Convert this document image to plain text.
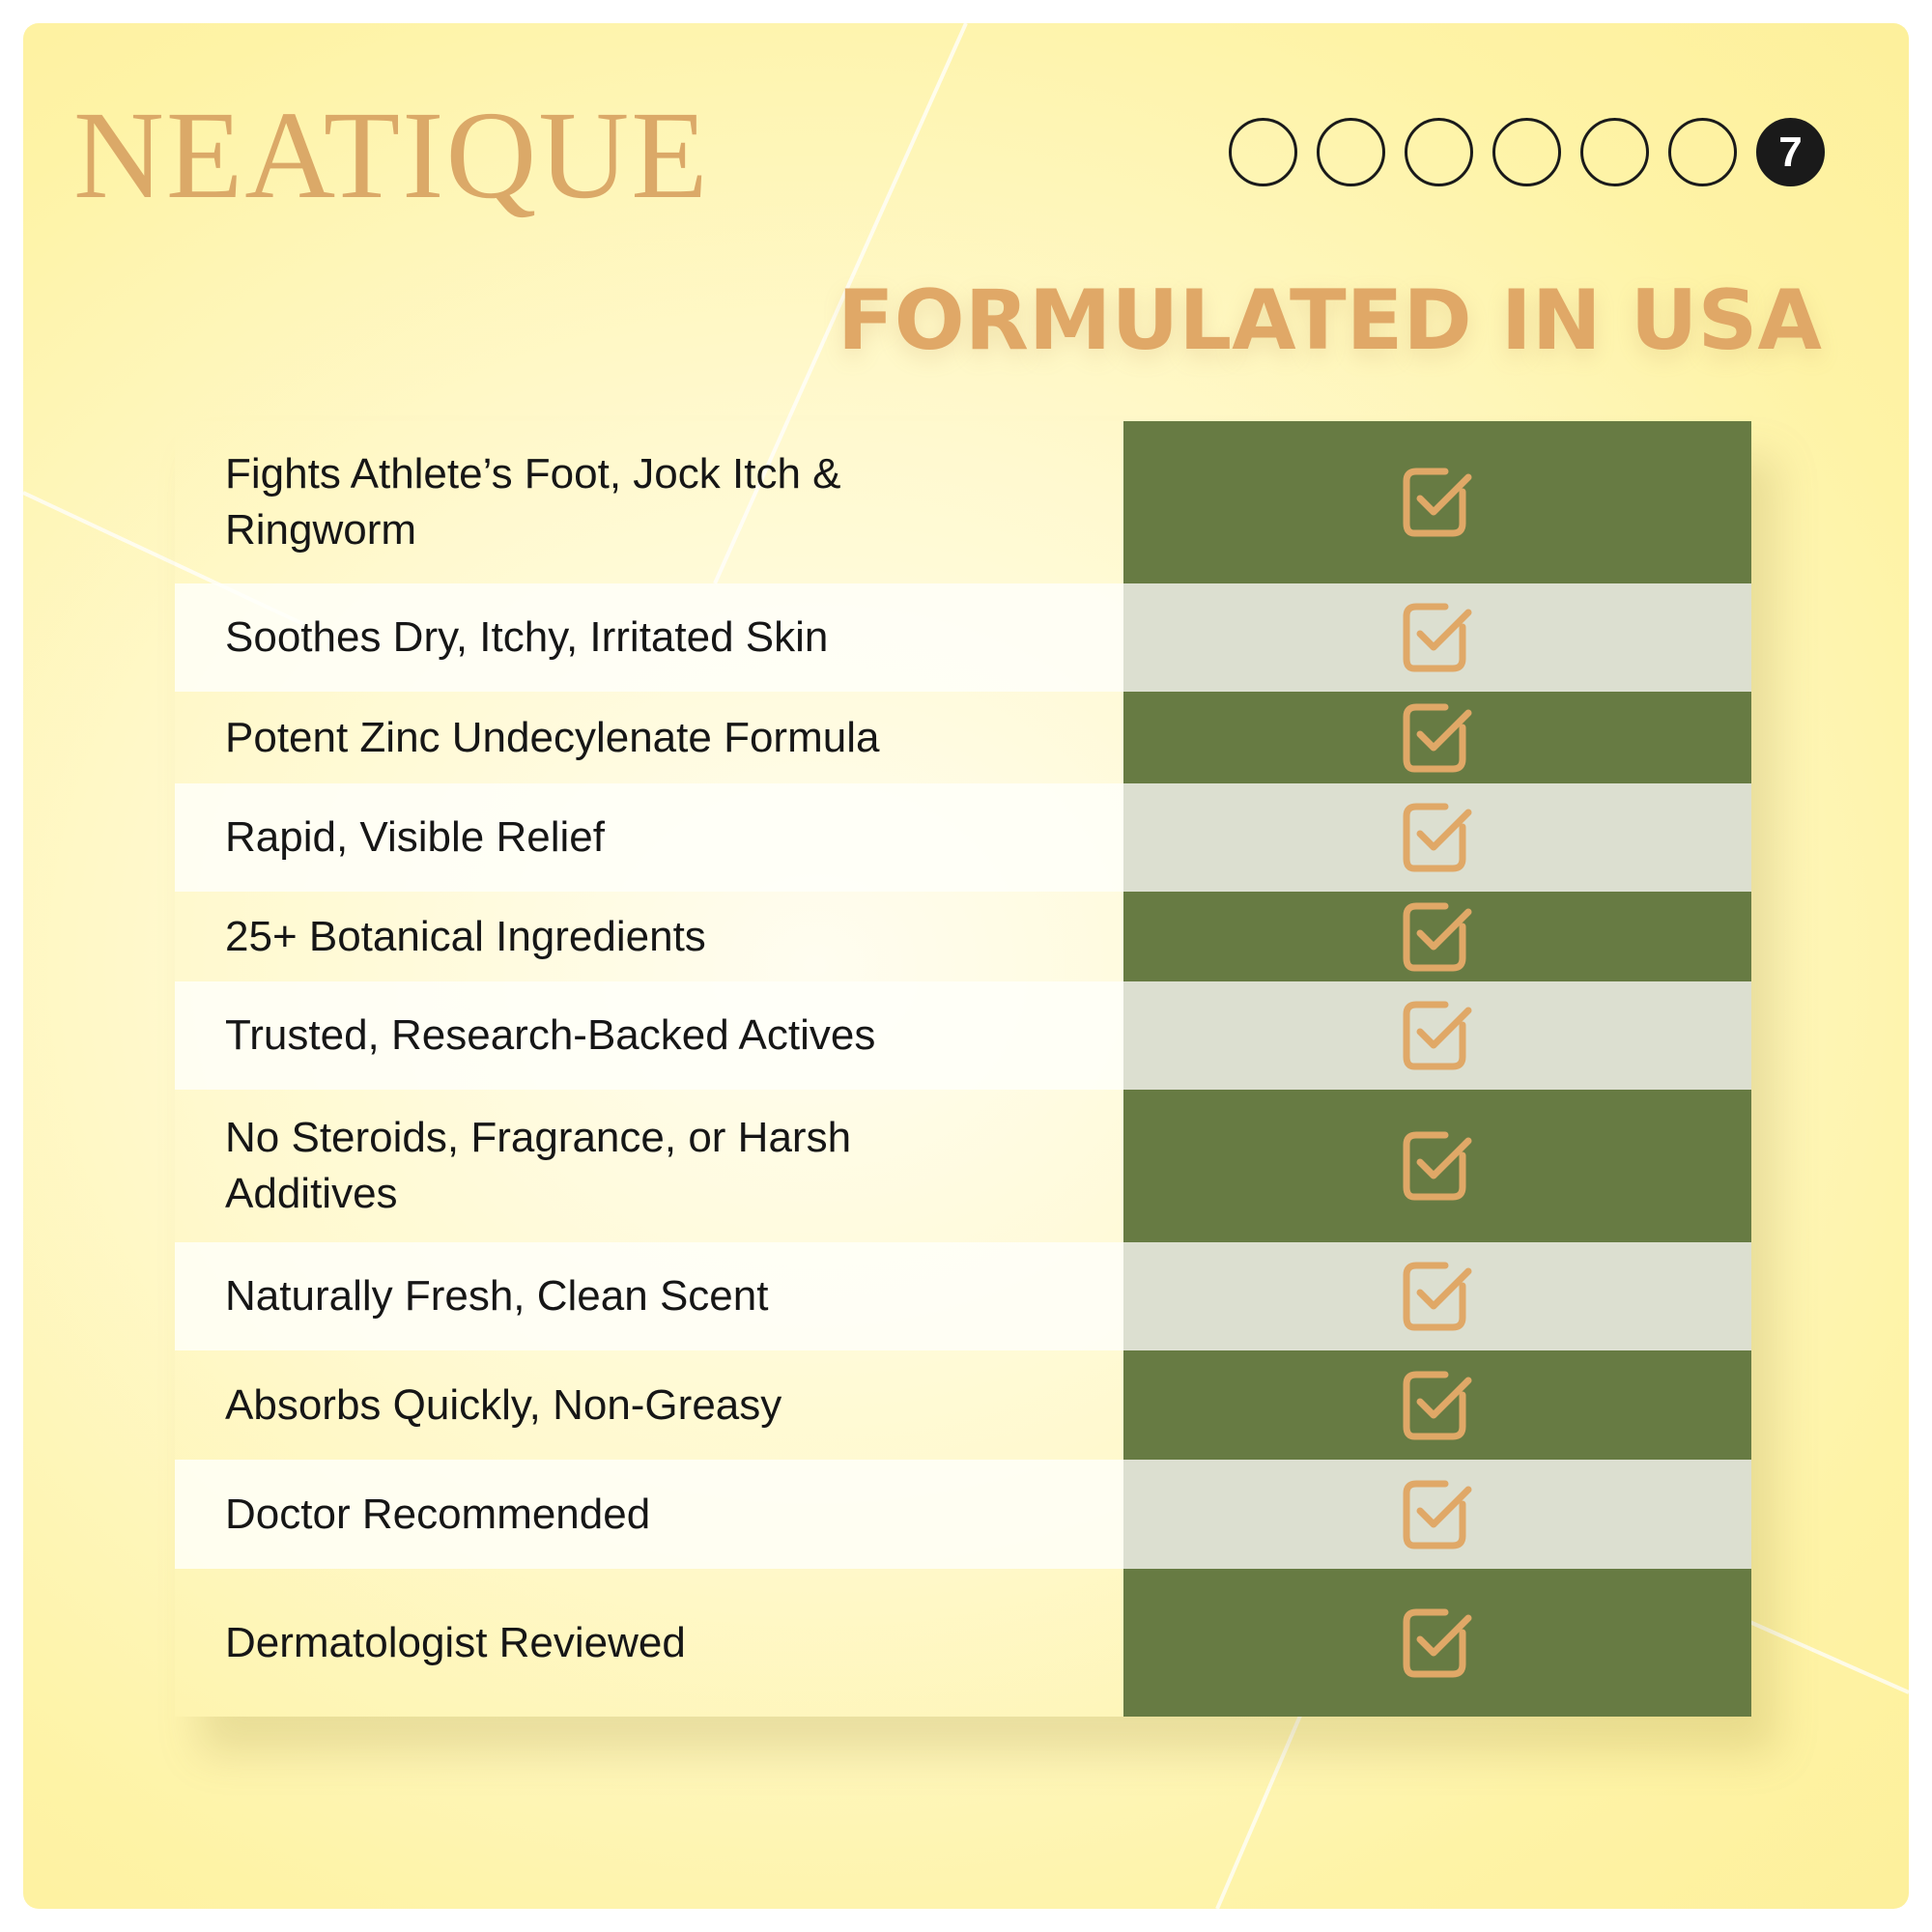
NEATIQUE	7
FORMULATED IN USA
Fights Athlete’s Foot, Jock Itch & Ringworm
Soothes Dry, Itchy, Irritated Skin
Potent Zinc Undecylenate Formula
Rapid, Visible Relief
25+ Botanical Ingredients
Trusted, Research-Backed Actives
No Steroids, Fragrance, or Harsh Additives
Naturally Fresh, Clean Scent
Absorbs Quickly, Non-Greasy
Doctor Recommended
Dermatologist Reviewed
